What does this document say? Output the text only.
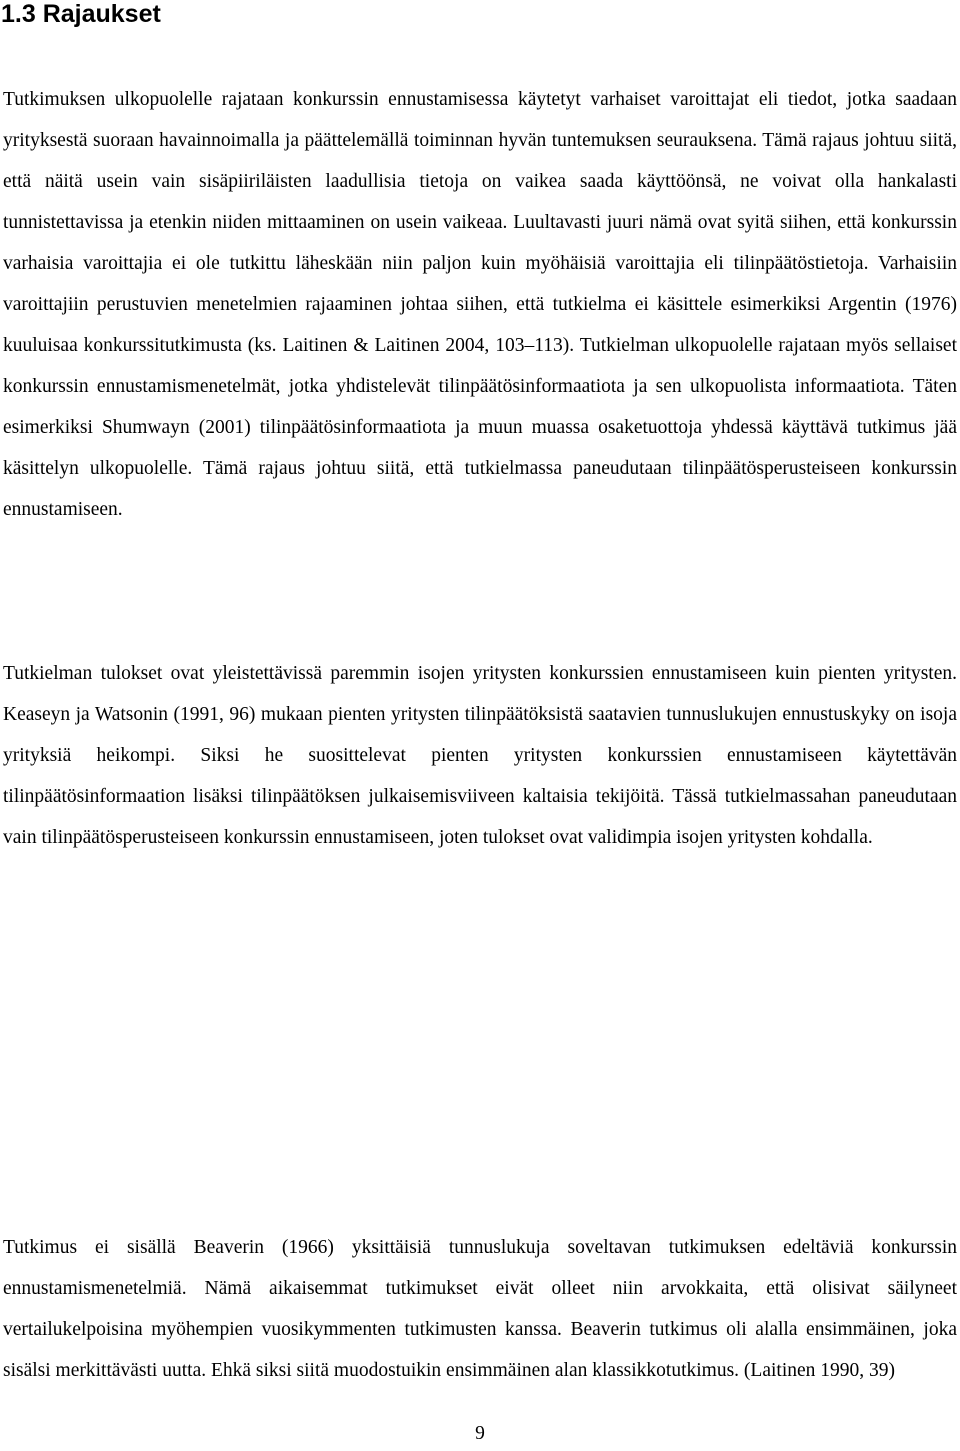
1.3 Rajaukset

Tutkimuksen ulkopuolelle rajataan konkurssin ennustamisessa käytetyt varhaiset varoittajat eli tiedot, jotka saadaan yrityksestä suoraan havainnoimalla ja päättelemällä toiminnan hyvän tuntemuksen seurauksena. Tämä rajaus johtuu siitä, että näitä usein vain sisäpiiriläisten laadullisia tietoja on vaikea saada käyttöönsä, ne voivat olla hankalasti tunnistettavissa ja etenkin niiden mittaaminen on usein vaikeaa. Luultavasti juuri nämä ovat syitä siihen, että konkurssin varhaisia varoittajia ei ole tutkittu läheskään niin paljon kuin myöhäisiä varoittajia eli tilinpäätöstietoja. Varhaisiin varoittajiin perustuvien menetelmien rajaaminen johtaa siihen, että tutkielma ei käsittele esimerkiksi Argentin (1976) kuuluisaa konkurssitutkimusta (ks. Laitinen & Laitinen 2004, 103–113). Tutkielman ulkopuolelle rajataan myös sellaiset konkurssin ennustamismenetelmät, jotka yhdistelevät tilinpäätösinformaatiota ja sen ulkopuolista informaatiota. Täten esimerkiksi Shumwayn (2001) tilinpäätösinformaatiota ja muun muassa osaketuottoja yhdessä käyttävä tutkimus jää käsittelyn ulkopuolelle. Tämä rajaus johtuu siitä, että tutkielmassa paneudutaan tilinpäätösperusteiseen konkurssin ennustamiseen.

Tutkielman tulokset ovat yleistettävissä paremmin isojen yritysten konkurssien ennustamiseen kuin pienten yritysten. Keaseyn ja Watsonin (1991, 96) mukaan pienten yritysten tilinpäätöksistä saatavien tunnuslukujen ennustuskyky on isoja yrityksiä heikompi. Siksi he suosittelevat pienten yritysten konkurssien ennustamiseen käytettävän tilinpäätösinformaation lisäksi tilinpäätöksen julkaisemisviiveen kaltaisia tekijöitä. Tässä tutkielmassahan paneudutaan vain tilinpäätösperusteiseen konkurssin ennustamiseen, joten tulokset ovat validimpia isojen yritysten kohdalla.

Tutkimus ei sisällä Beaverin (1966) yksittäisiä tunnuslukuja soveltavan tutkimuksen edeltäviä konkurssin ennustamismenetelmiä. Nämä aikaisemmat tutkimukset eivät olleet niin arvokkaita, että olisivat säilyneet vertailukelpoisina myöhempien vuosikymmenten tutkimusten kanssa. Beaverin tutkimus oli alalla ensimmäinen, joka sisälsi merkittävästi uutta. Ehkä siksi siitä muodostuikin ensimmäinen alan klassikkotutkimus. (Laitinen 1990, 39)

9
